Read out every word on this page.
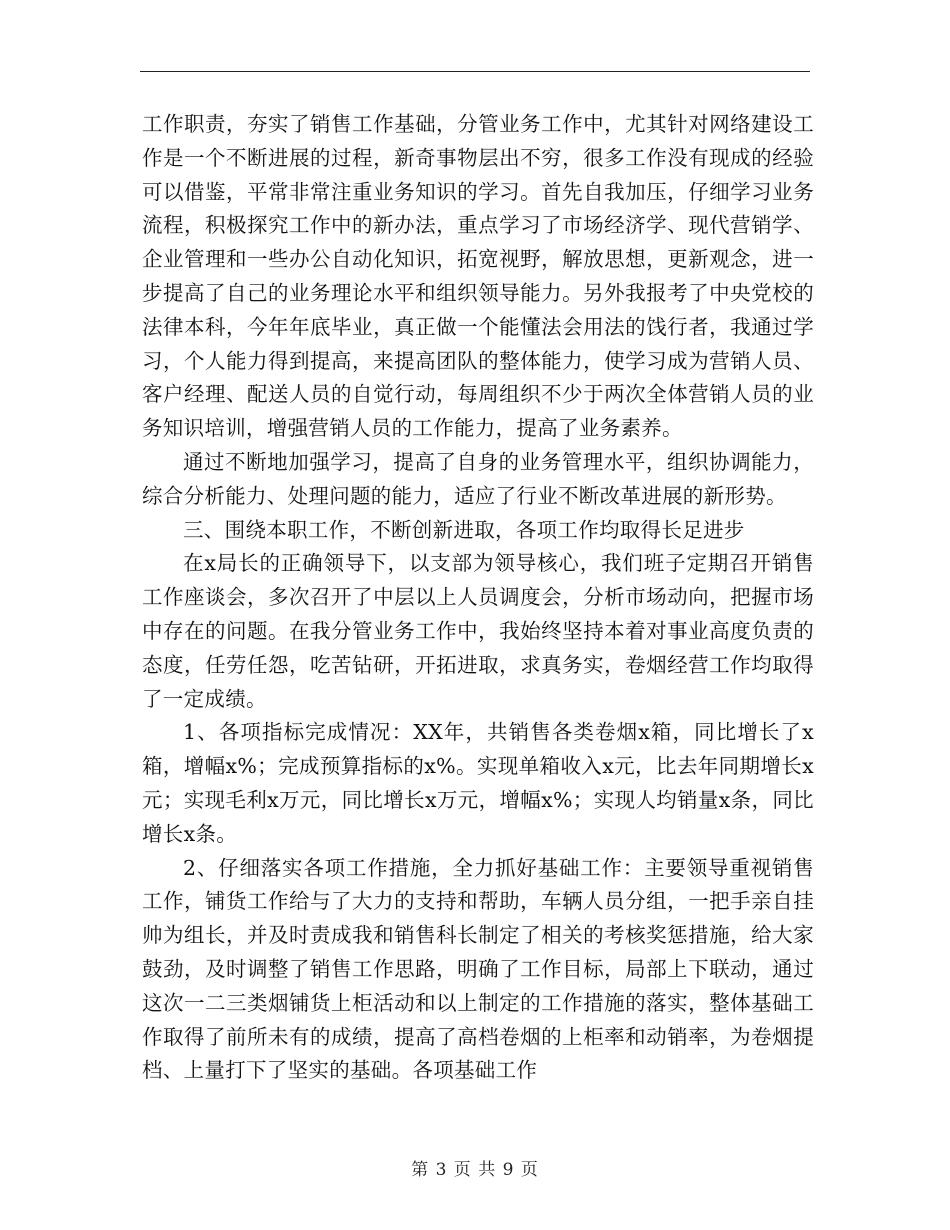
工作职责，夯实了销售工作基础，分管业务工作中，尤其针对网络建设工作是一个不断进展的过程，新奇事物层出不穷，很多工作没有现成的经验可以借鉴，平常非常注重业务知识的学习。首先自我加压，仔细学习业务流程，积极探究工作中的新办法，重点学习了市场经济学、现代营销学、企业管理和一些办公自动化知识，拓宽视野，解放思想，更新观念，进一步提高了自己的业务理论水平和组织领导能力。另外我报考了中央党校的法律本科，今年年底毕业，真正做一个能懂法会用法的饯行者，我通过学习，个人能力得到提高，来提高团队的整体能力，使学习成为营销人员、客户经理、配送人员的自觉行动，每周组织不少于两次全体营销人员的业务知识培训，增强营销人员的工作能力，提高了业务素养。

通过不断地加强学习，提高了自身的业务管理水平，组织协调能力，综合分析能力、处理问题的能力，适应了行业不断改革进展的新形势。

三、围绕本职工作，不断创新进取，各项工作均取得长足进步

在x局长的正确领导下，以支部为领导核心，我们班子定期召开销售工作座谈会，多次召开了中层以上人员调度会，分析市场动向，把握市场中存在的问题。在我分管业务工作中，我始终坚持本着对事业高度负责的态度，任劳任怨，吃苦钻研，开拓进取，求真务实，卷烟经营工作均取得了一定成绩。

1、各项指标完成情况：XX年，共销售各类卷烟x箱，同比增长了x箱，增幅x%；完成预算指标的x%。实现单箱收入x元，比去年同期增长x元；实现毛利x万元，同比增长x万元，增幅x%；实现人均销量x条，同比增长x条。

2、仔细落实各项工作措施，全力抓好基础工作：主要领导重视销售工作，铺货工作给与了大力的支持和帮助，车辆人员分组，一把手亲自挂帅为组长，并及时责成我和销售科长制定了相关的考核奖惩措施，给大家鼓劲，及时调整了销售工作思路，明确了工作目标，局部上下联动，通过这次一二三类烟铺货上柜活动和以上制定的工作措施的落实，整体基础工作取得了前所未有的成绩，提高了高档卷烟的上柜率和动销率，为卷烟提档、上量打下了坚实的基础。各项基础工作

第 3 页 共 9 页
